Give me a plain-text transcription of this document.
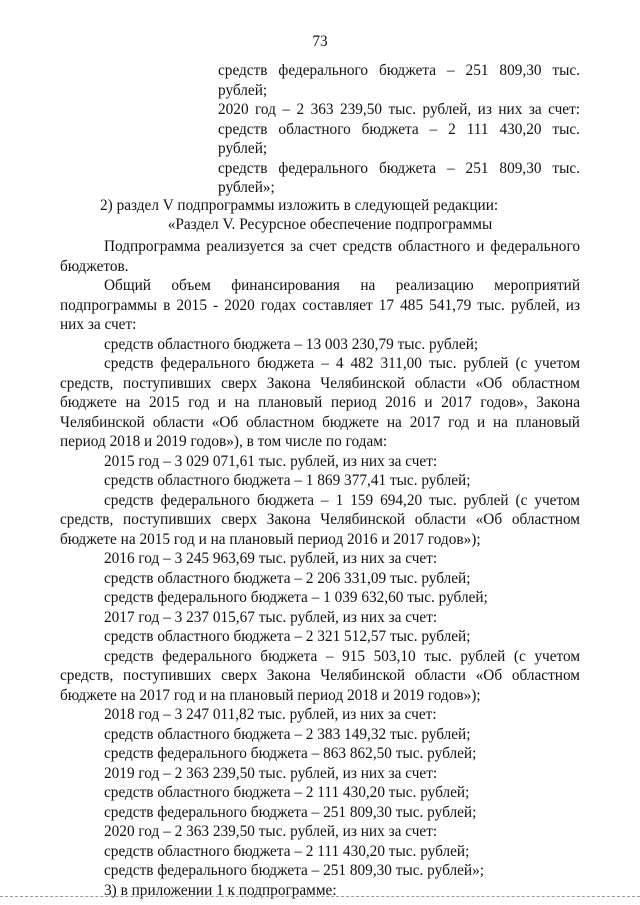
73
средств федерального бюджета – 251 809,30 тыс.
рублей;
2020 год – 2 363 239,50 тыс. рублей, из них за счет:
средств областного бюджета – 2 111 430,20 тыс.
рублей;
средств федерального бюджета – 251 809,30 тыс.
рублей»;
2) раздел V подпрограммы изложить в следующей редакции:
«Раздел V. Ресурсное обеспечение подпрограммы
Подпрограмма реализуется за счет средств областного и федерального
бюджетов.
Общий объем финансирования на реализацию мероприятий
подпрограммы в 2015 - 2020 годах составляет 17 485 541,79 тыс. рублей, из
них за счет:
средств областного бюджета – 13 003 230,79 тыс. рублей;
средств федерального бюджета – 4 482 311,00 тыс. рублей (с учетом
средств, поступивших сверх Закона Челябинской области «Об областном
бюджете на 2015 год и на плановый период 2016 и 2017 годов», Закона
Челябинской области «Об областном бюджете на 2017 год и на плановый
период 2018 и 2019 годов»), в том числе по годам:
2015 год – 3 029 071,61 тыс. рублей, из них за счет:
средств областного бюджета – 1 869 377,41 тыс. рублей;
средств федерального бюджета – 1 159 694,20 тыс. рублей (с учетом
средств, поступивших сверх Закона Челябинской области «Об областном
бюджете на 2015 год и на плановый период 2016 и 2017 годов»);
2016 год – 3 245 963,69 тыс. рублей, из них за счет:
средств областного бюджета – 2 206 331,09 тыс. рублей;
средств федерального бюджета – 1 039 632,60 тыс. рублей;
2017 год – 3 237 015,67 тыс. рублей, из них за счет:
средств областного бюджета – 2 321 512,57 тыс. рублей;
средств федерального бюджета – 915 503,10 тыс. рублей (с учетом
средств, поступивших сверх Закона Челябинской области «Об областном
бюджете на 2017 год и на плановый период 2018 и 2019 годов»);
2018 год – 3 247 011,82 тыс. рублей, из них за счет:
средств областного бюджета – 2 383 149,32 тыс. рублей;
средств федерального бюджета – 863 862,50 тыс. рублей;
2019 год – 2 363 239,50 тыс. рублей, из них за счет:
средств областного бюджета – 2 111 430,20 тыс. рублей;
средств федерального бюджета – 251 809,30 тыс. рублей;
2020 год – 2 363 239,50 тыс. рублей, из них за счет:
средств областного бюджета – 2 111 430,20 тыс. рублей;
средств федерального бюджета – 251 809,30 тыс. рублей»;
3) в приложении 1 к подпрограмме:
